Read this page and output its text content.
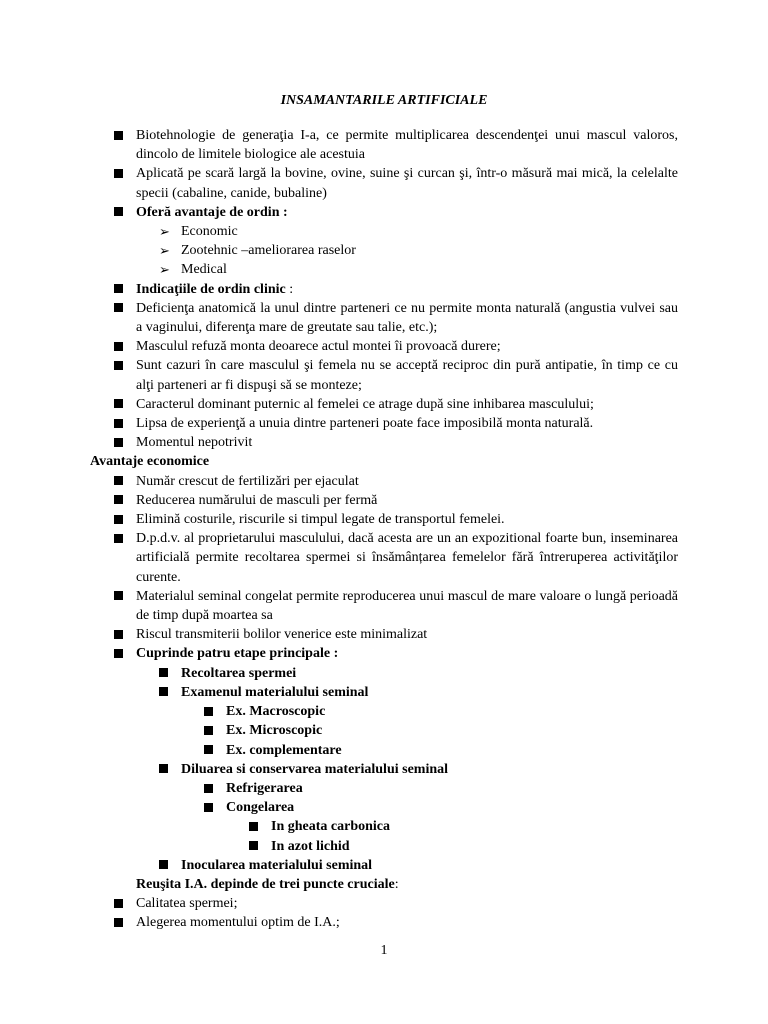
INSAMANTARILE ARTIFICIALE
Biotehnologie de generaţia I-a, ce permite multiplicarea descendenţei unui mascul valoros, dincolo de limitele biologice ale acestuia
Aplicată pe scară largă la bovine, ovine, suine şi curcan şi, într-o măsură mai mică, la celelalte specii (cabaline, canide, bubaline)
Oferă avantaje de ordin :
➢ Economic
➢ Zootehnic –ameliorarea raselor
➢ Medical
Indicaţiile de ordin clinic :
Deficienţa anatomică la unul dintre parteneri ce nu permite monta naturală (angustia vulvei sau a vaginului, diferenţa mare de greutate sau talie, etc.);
Masculul refuză monta deoarece actul montei îi provoacă durere;
Sunt cazuri în care masculul şi femela nu se acceptă reciproc din pură antipatie, în timp ce cu alţi parteneri ar fi dispuşi să se monteze;
Caracterul dominant puternic al femelei ce atrage după sine inhibarea masculului;
Lipsa de experienţă a unuia dintre parteneri poate face imposibilă monta naturală.
Momentul nepotrivit
Avantaje economice
Număr crescut de fertilizări per ejaculat
Reducerea numărului de masculi per fermă
Elimină costurile, riscurile si timpul legate de transportul femelei.
D.p.d.v. al proprietarului masculului, dacă acesta are un an expozitional foarte bun, inseminarea artificială permite recoltarea spermei si însămânțarea femelelor fără întreruperea activităţilor curente.
Materialul seminal congelat permite reproducerea unui mascul de mare valoare o lungă perioadă de timp după moartea sa
Riscul transmiterii bolilor venerice este minimalizat
Cuprinde patru etape principale :
Recoltarea spermei
Examenul materialului seminal
Ex. Macroscopic
Ex. Microscopic
Ex. complementare
Diluarea si conservarea materialului seminal
Refrigerarea
Congelarea
In gheata carbonica
In azot lichid
Inocularea materialului seminal
Reuşita I.A. depinde de trei puncte cruciale:
Calitatea spermei;
Alegerea momentului optim de I.A.;
1
